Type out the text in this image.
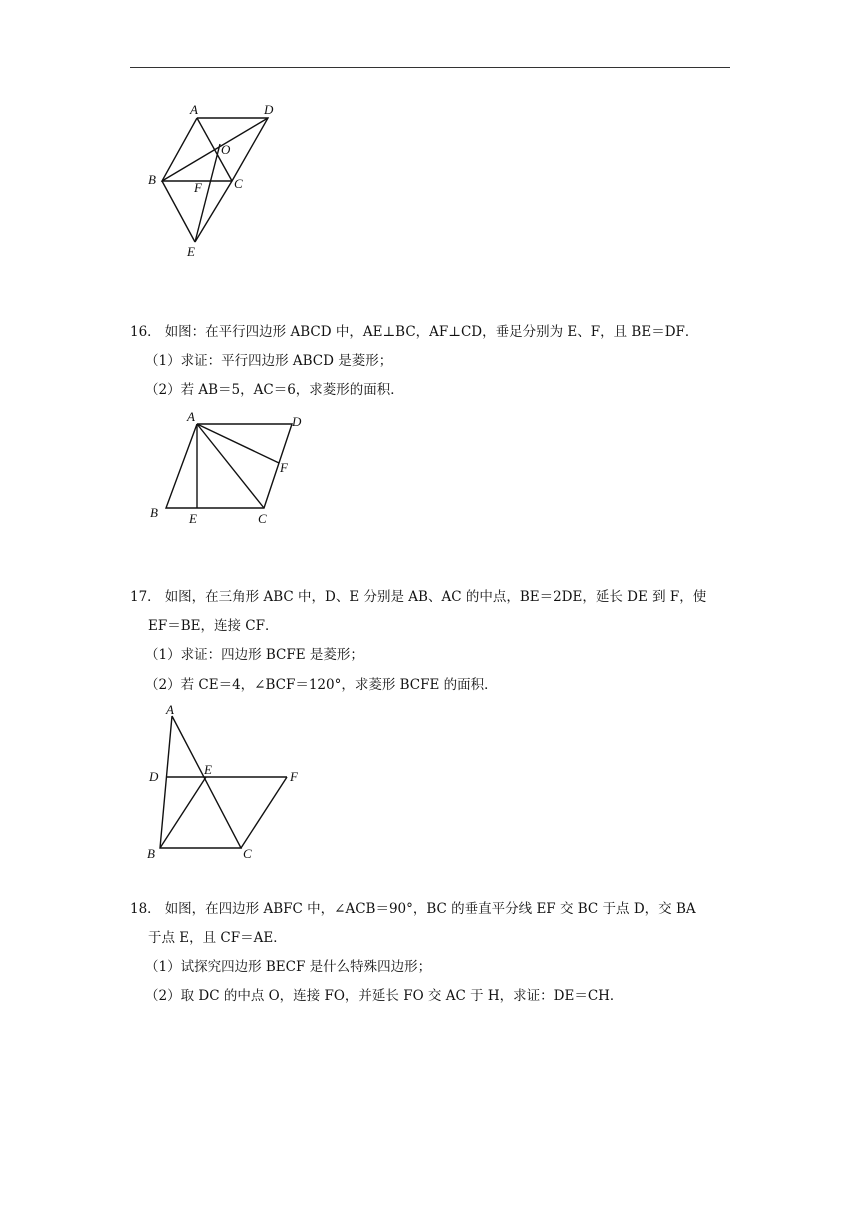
A	D
O
B
F C
E
16． 如图：在平行四边形 ABCD 中，AE⊥BC，AF⊥CD，垂足分别为 E、F，且 BE＝DF．
（1）求证：平行四边形 ABCD 是菱形；
（2）若 AB＝5，AC＝6，求菱形的面积．
A	D
F
B E	C
17． 如图，在三角形 ABC 中，D、E 分别是 AB、AC 的中点，BE＝2DE，延长 DE 到 F，使
EF＝BE，连接 CF．
（1）求证：四边形 BCFE 是菱形；
（2）若 CE＝4，∠BCF＝120°，求菱形 BCFE 的面积．
A
D	E	F
B	C
18． 如图，在四边形 ABFC 中，∠ACB＝90°，BC 的垂直平分线 EF 交 BC 于点 D，交 BA
于点 E，且 CF＝AE．
（1）试探究四边形 BECF 是什么特殊四边形；
（2）取 DC 的中点 O，连接 FO，并延长 FO 交 AC 于 H，求证：DE＝CH．
